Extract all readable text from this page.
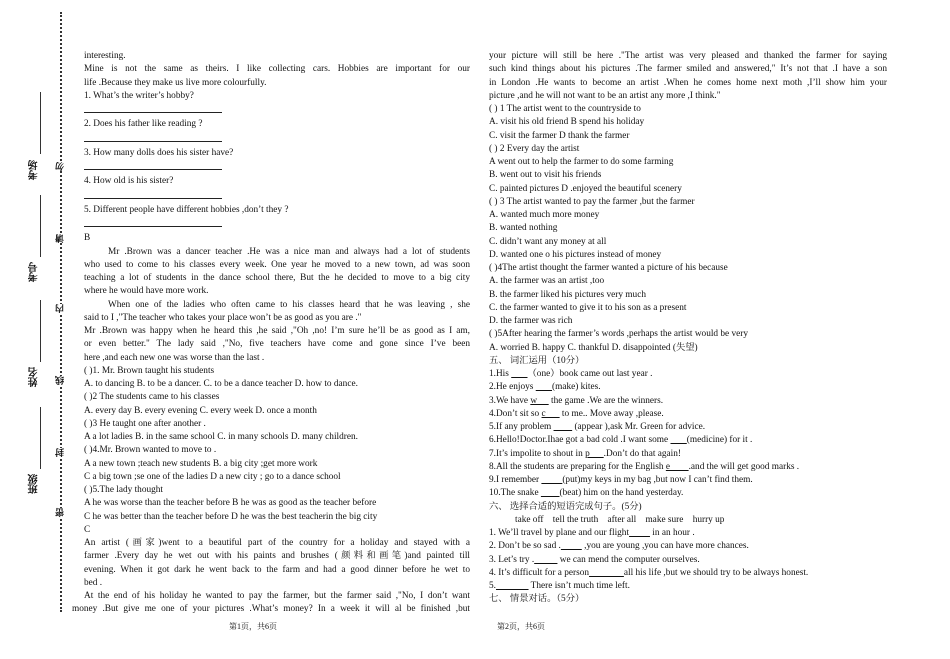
考场
考号
姓名
班级
勿
请
内
线
封
密

interesting.

Mine is not the same as theirs. I like collecting cars. Hobbies are important for our

life .Because they make us live more colourfully.

1. What’s the writer’s hobby?

2. Does his father like reading ?

3. How many dolls does his sister have?

4. How old is his sister?

5. Different people have different hobbies ,don’t they ?

B

Mr .Brown was a dancer teacher .He was a nice man and always had a lot of students

who used to come to his classes every week. One year he moved to a new town, ad was soon

teaching a lot of students in the dance school there, But the he decided to move to a big city

where he would have more work.

When one of the ladies who often came to his classes heard that he was leaving , she

said to I ,"The teacher who takes your place won’t be as good as you are ."

Mr .Brown was happy when he heard this ,he said ,"Oh ,no! I’m sure he’ll be as good as I am,

or even better." The lady said ,"No, five teachers have come and gone since I’ve been

here ,and each new one was worse than the last .

( )1. Mr. Brown taught his students

A. to dancing B. to be a dancer. C. to be a dance teacher D. how to dance.

( )2 The students came to his classes

A. every day B. every evening C. every week D. once a month

( )3 He taught one after another .

A a lot ladies B. in the same school C. in many schools D. many children.

( )4.Mr. Brown wanted to move to .

A a new town ;teach new students B. a big city ;get more work

C a big town ;se one of the ladies D a new city ; go to a dance school

( )5.The lady thought

A he was worse than the teacher before B he was as good as the teacher before

C he was better than the teacher before D he was the best teacherin the big city

C

An artist (画家)went to a beautiful part of the country for a holiday and stayed with a

farmer .Every day he wet out with his paints and brushes (颜料和画笔)and painted till

evening. When it got dark he went back to the farm and had a good dinner before he wet to

bed .

At the end of his holiday he wanted to pay the farmer, but the farmer said ,"No, I don’t want

money .But give me one of your pictures .What’s money? In a week it will al be finished ,but

your picture will still be here ."The artist was very pleased and thanked the farmer for saying

such kind things about his pictures .The farmer smiled and answered," It’s not that .I have a son

in London .He wants to become an artist .When he comes home next moth ,I’ll show him your

picture ,and he will not want to be an artist any more ,I think."

( ) 1 The artist went to the countryside to

A. visit his old friend B spend his holiday

C. visit the farmer D thank the farmer

( ) 2 Every day the artist

A went out to help the farmer to do some farming

B. went out to visit his friends

C. painted pictures D .enjoyed the beautiful scenery

( ) 3 The artist wanted to pay the farmer ,but the farmer

A. wanted much more money

B. wanted nothing

C. didn’t want any money at all

D. wanted one o his pictures instead of money

( )4The artist thought the farmer wanted a picture of his because

A. the farmer was an artist ,too

B. the farmer liked his pictures very much

C. the farmer wanted to give it to his son as a present

D. the farmer was rich

( )5After hearing the farmer’s words ,perhaps the artist would be very

A. worried B. happy C. thankful D. disappointed (失望)

五、 词汇运用（10分）

1.His        （one）book came out last year .

2.He enjoys        (make) kites.

3.We have w      the game .We are the winners.

4.Don’t sit so c       to me.. Move away ,please.

5.If any problem          (appear ),ask Mr. Green for advice.

6.Hello!Doctor.Ihae got a bad cold .I want some        (medicine) for it .

7.It’s impolite to shout in p      .Don’t do that again!

8.All the students are preparing for the English e        .and the will get good marks .

9.I remember          (put)my keys in my bag ,but now I can’t find them.

10.The snake         (beat) him on the hand yesterday.

六、 选择合适的短语完成句子。(5分)

take off    tell the truth    after all    make sure    hurry up

1. We’ll travel by plane and our flight          in an hour .

2. Don’t be so sad .          ,you are young ,you can have more chances.

3. Let’s try .	we can mend the computer ourselves.

4. It’s difficult for a person	all his life ,but we should try to be always honest.

5.	There isn’t much time left.

七、 情景对话。（5分）

第1页，共6页	第2页，共6页
